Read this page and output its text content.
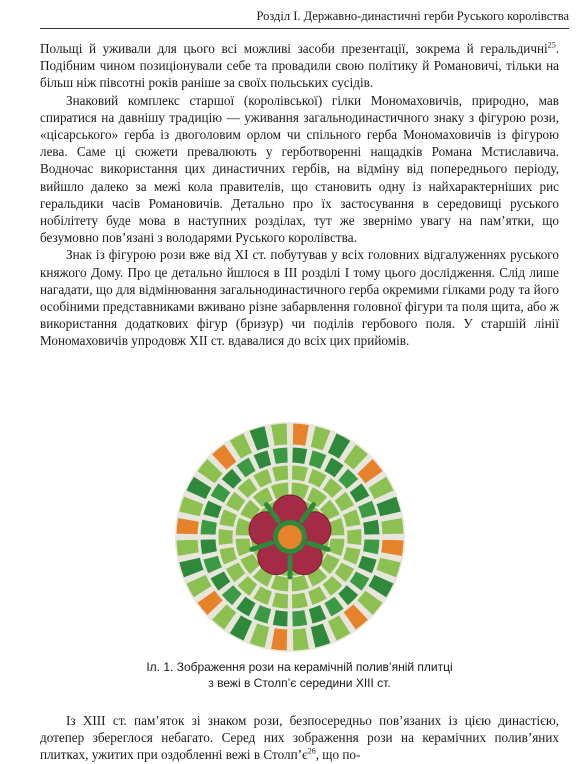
Розділ І. Державно-династичні герби Руського королівства

Польщі й уживали для цього всі можливі засоби презентації, зокрема й геральдичні$^{25}$. Подібним чином позиціонували себе та провадили свою політику й Романовичі, тільки на більш ніж півсотні років раніше за своїх польських сусідів.

Знаковий комплекс старшої (королівської) гілки Мономаховичів, природно, мав спиратися на давнішу традицію — уживання загальнодинастичного знаку з фігурою рози, «цісарського» герба із двоголовим орлом чи спільного герба Мономаховичів із фігурою лева. Саме ці сюжети превалюють у герботворенні нащадків Романа Мстиславича. Водночас використання цих династичних гербів, на відміну від попереднього періоду, вийшло далеко за межі кола правителів, що становить одну із найхарактерніших рис геральдики часів Романовичів. Детально про їх застосування в середовищі руського нобілітету буде мова в наступних розділах, тут же звернімо увагу на пам’ятки, що безумовно пов’язані з володарями Руського королівства.

Знак із фігурою рози вже від XI ст. побутував у всіх головних відгалуженнях руського княжого Дому. Про це детально йшлося в ІІІ розділі І тому цього дослідження. Слід лише нагадати, що для відмінювання загальнодинастичного герба окремими гілками роду та його особіними представниками вживано різне забарвлення головної фігури та поля щита, або ж використання додаткових фігур (бризур) чи поділів гербового поля. У старшій лінії Мономаховичів упродовж XII ст. вдавалися до всіх цих прийомів.

Іл. 1. Зображення рози на керамічній полив’яній плитці
з вежі в Столп’є середини XIII ст.

Із XIII ст. пам’яток зі знаком рози, безпосередньо пов’язаних із цією династією, дотепер збереглося небагато. Серед них зображення рози на керамічних полив’яних плитках, ужитих при оздобленні вежі в $Столп’є^{26}$, що по-
